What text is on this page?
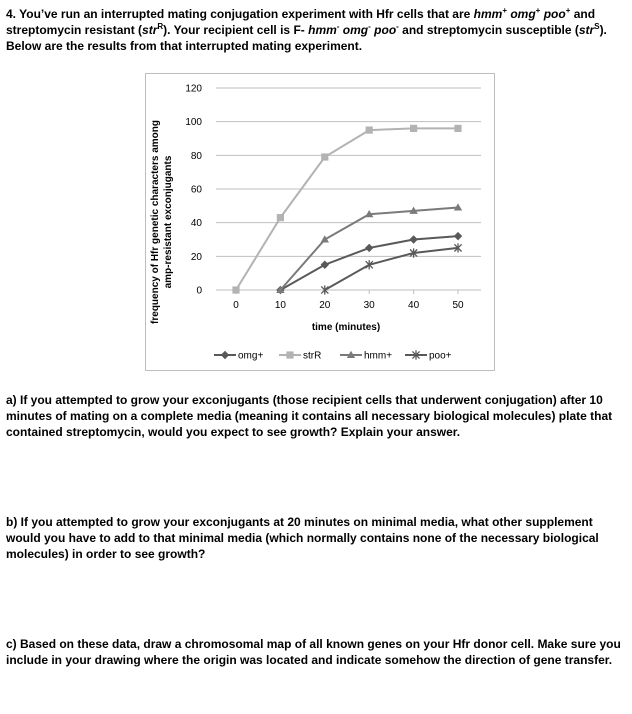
4. You’ve run an interrupted mating conjugation experiment with Hfr cells that are hmm+ omg+ poo+ and streptomycin resistant (str$^R$). Your recipient cell is F- hmm- omg- poo- and streptomycin susceptible (str$^S$). Below are the results from that interrupted mating experiment.
0
20
40
60
80
100
120
0	10	20	30	40	50
time (minutes)
frequency of Hfr genetic characters among amp-resistant exconjugants
omg+	strR	hmm+	poo+
a) If you attempted to grow your exconjugants (those recipient cells that underwent conjugation) after 10 minutes of mating on a complete media (meaning it contains all necessary biological molecules) plate that contained streptomycin, would you expect to see growth? Explain your answer.
b) If you attempted to grow your exconjugants at 20 minutes on minimal media, what other supplement would you have to add to that minimal media (which normally contains none of the necessary biological molecules) in order to see growth?
c) Based on these data, draw a chromosomal map of all known genes on your Hfr donor cell. Make sure you include in your drawing where the origin was located and indicate somehow the direction of gene transfer.
